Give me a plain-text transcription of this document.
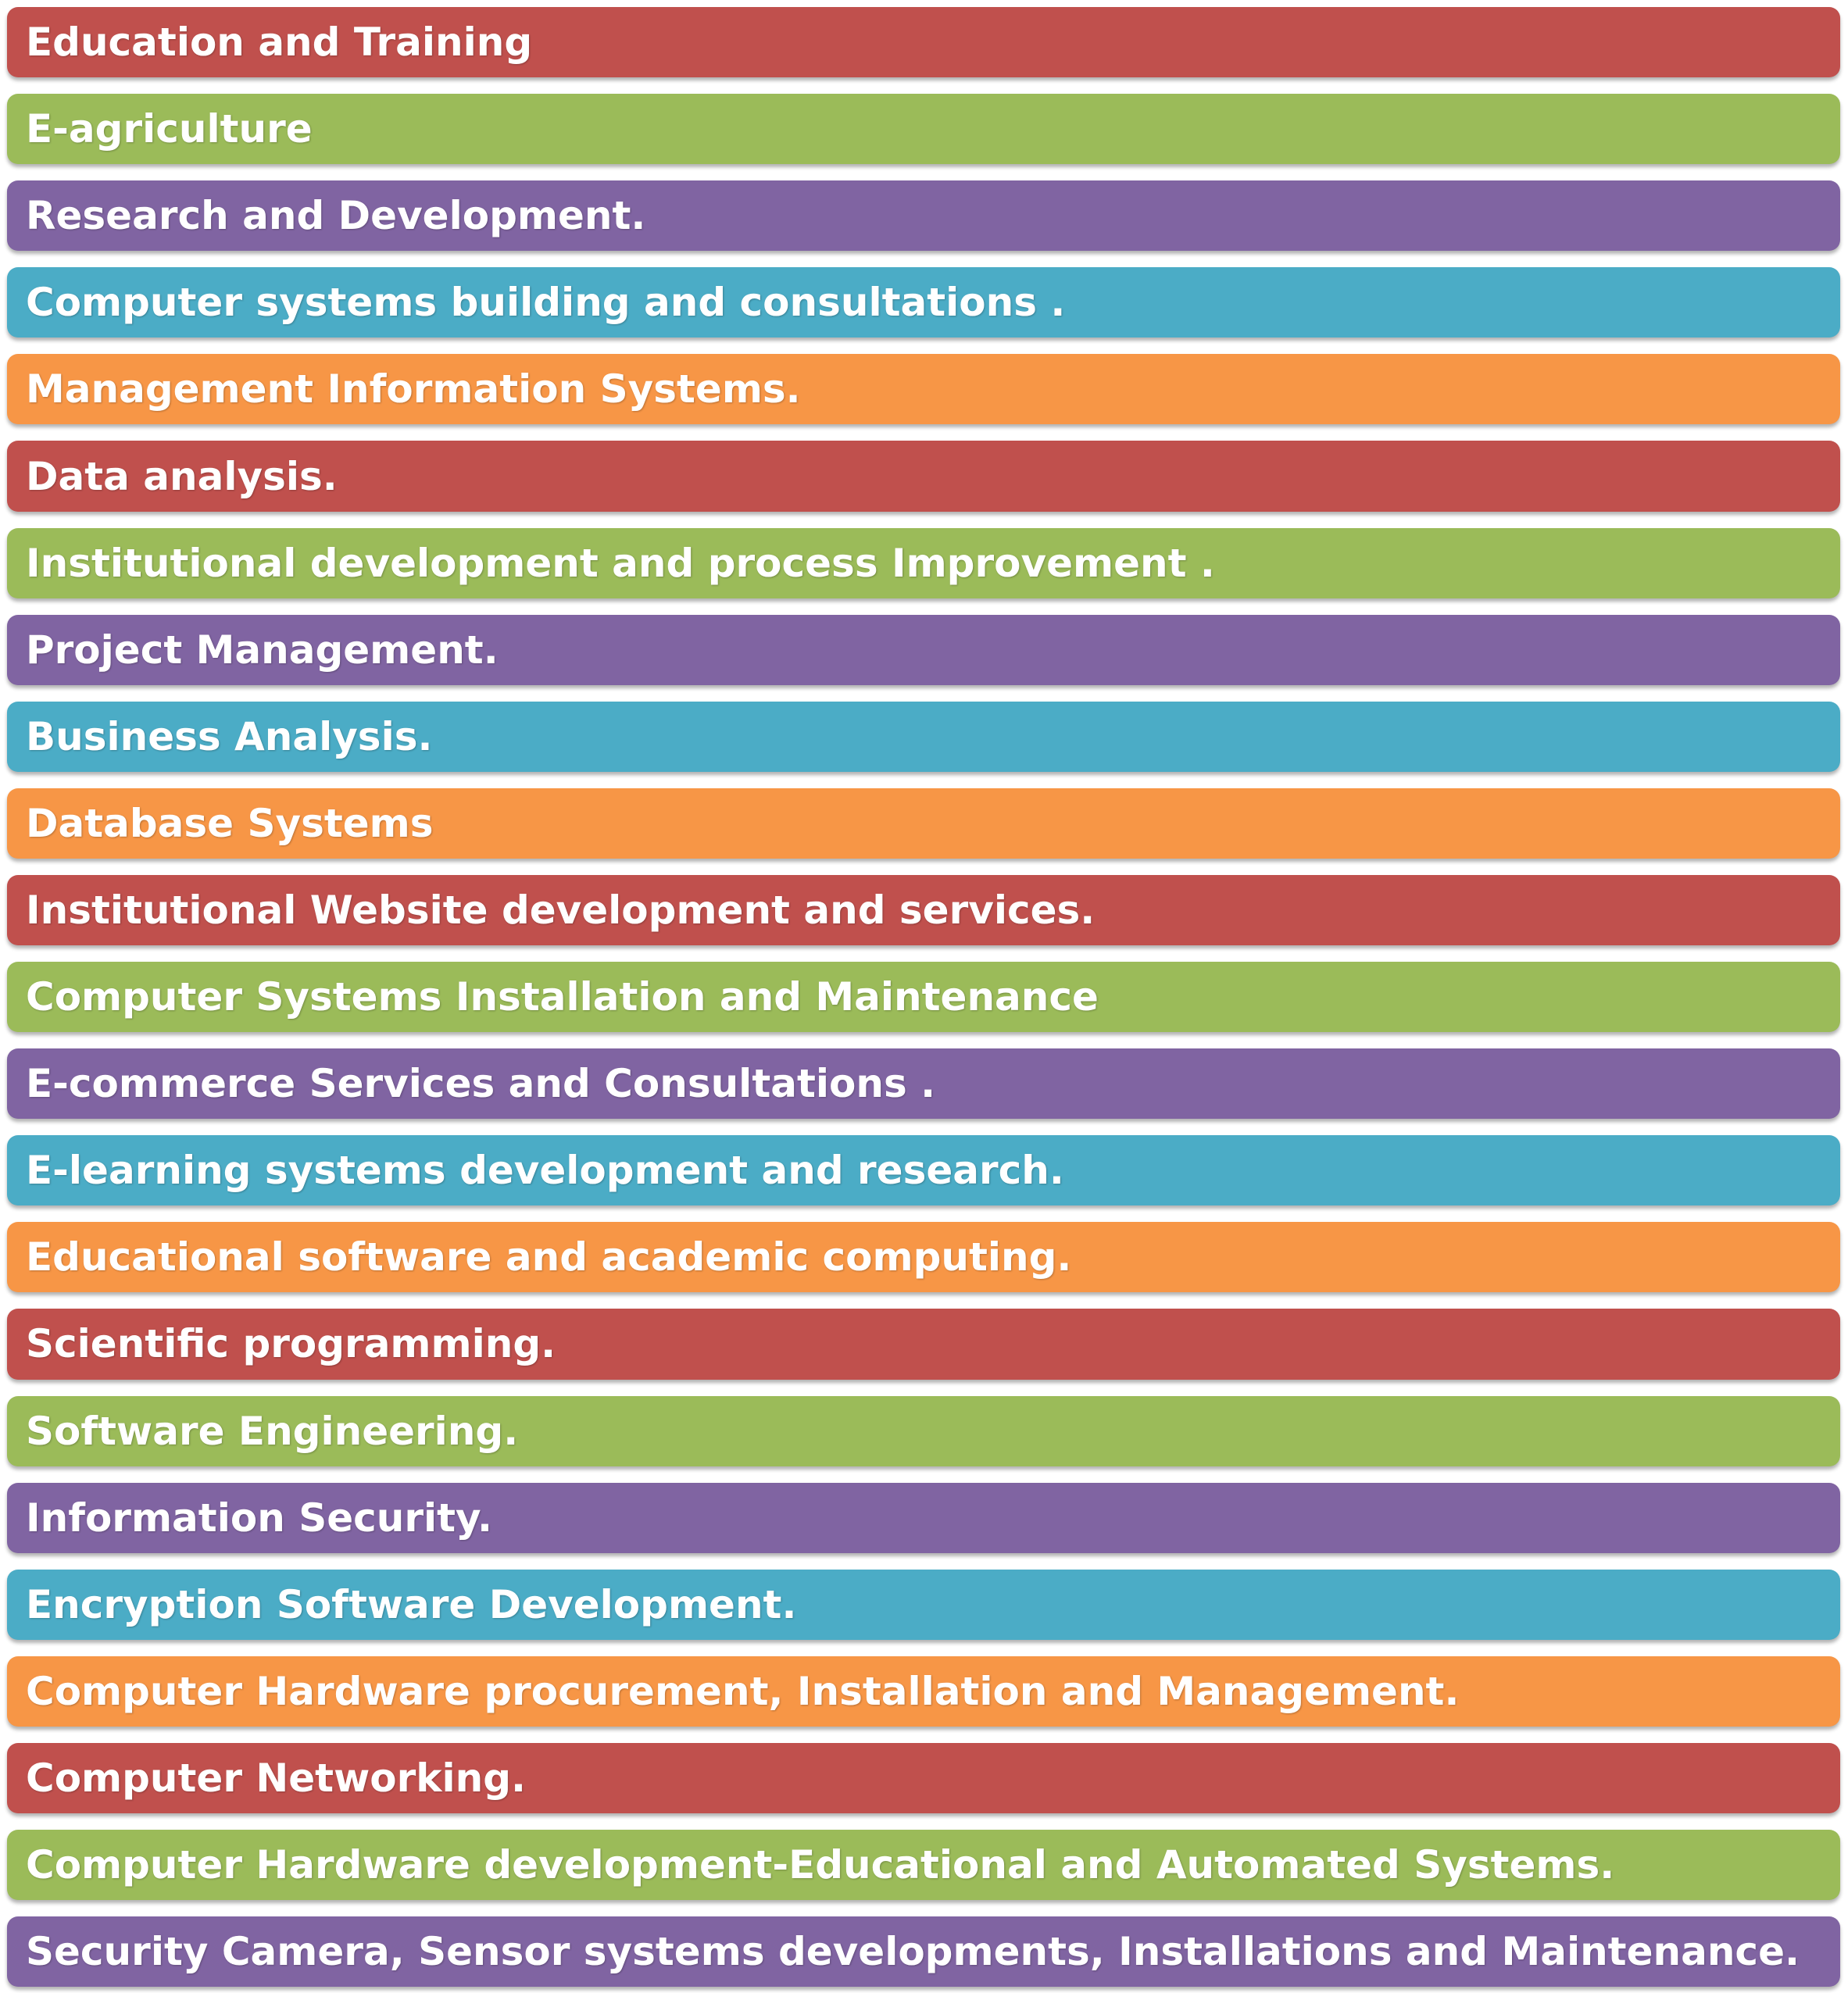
Education and Training
E-agriculture
Research and Development.
Computer systems building and consultations .
Management Information Systems.
Data analysis.
Institutional development and process Improvement .
Project Management.
Business Analysis.
Database Systems
Institutional Website development and services.
Computer Systems Installation and Maintenance
E-commerce Services and Consultations .
E-learning systems development and research.
Educational software and academic computing.
Scientific programming.
Software Engineering.
Information Security.
Encryption Software Development.
Computer Hardware procurement, Installation and Management.
Computer Networking.
Computer Hardware development-Educational and Automated Systems.
Security Camera, Sensor systems developments, Installations and Maintenance.
